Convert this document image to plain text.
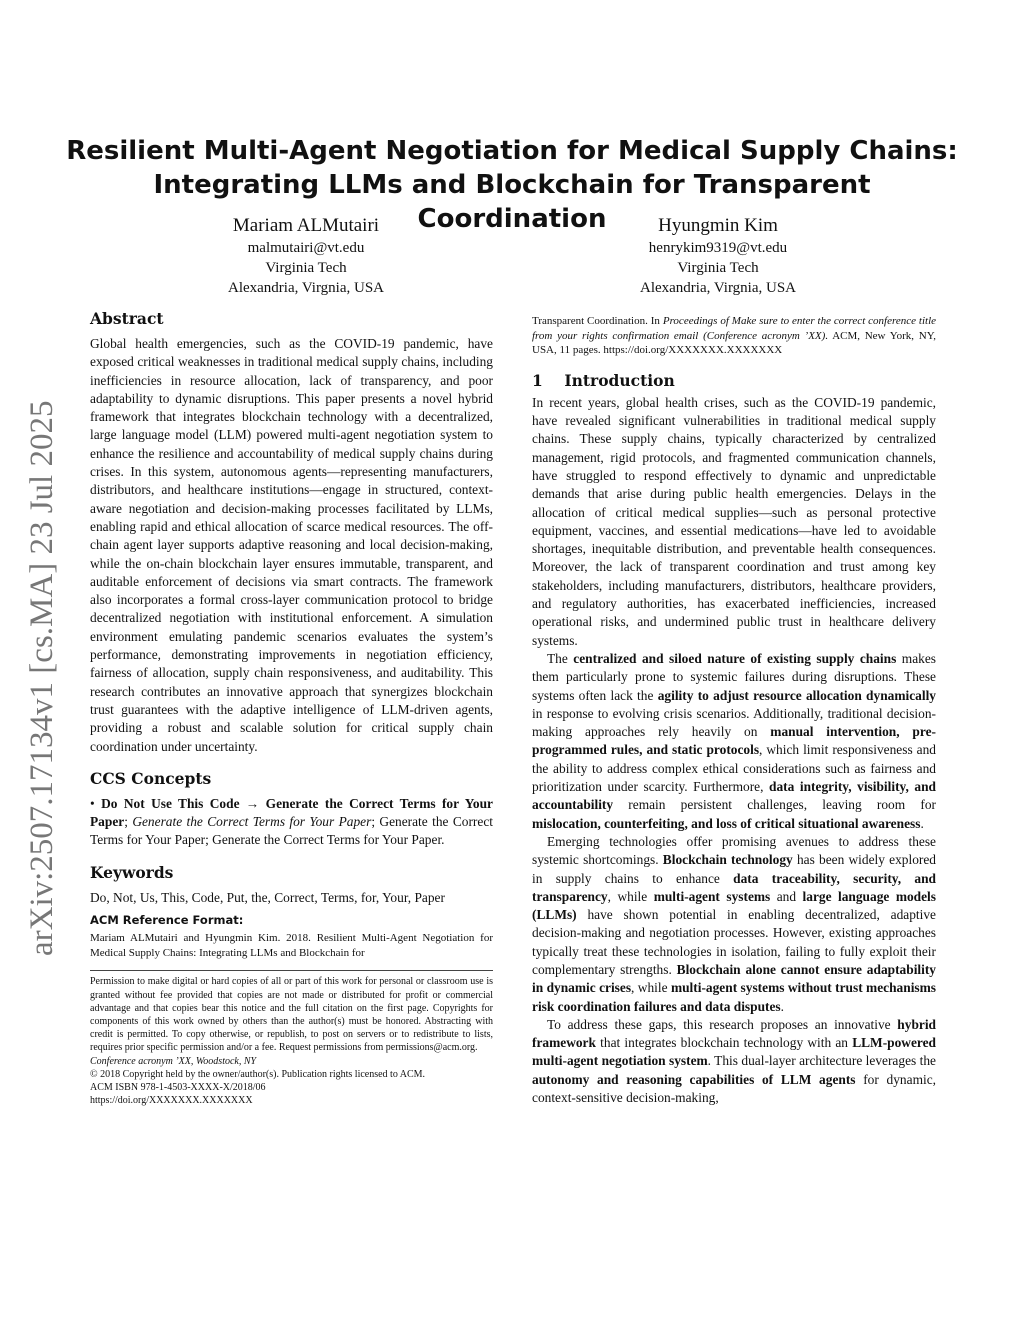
arXiv:2507.17134v1 [cs.MA] 23 Jul 2025
Resilient Multi-Agent Negotiation for Medical Supply Chains:
Integrating LLMs and Blockchain for Transparent Coordination
Mariam ALMutairi
malmutairi@vt.edu
Virginia Tech
Alexandria, Virgnia, USA
Hyungmin Kim
henrykim9319@vt.edu
Virginia Tech
Alexandria, Virgnia, USA
Abstract

Global health emergencies, such as the COVID-19 pandemic, have exposed critical weaknesses in traditional medical supply chains, including inefficiencies in resource allocation, lack of transparency, and poor adaptability to dynamic disruptions. This paper presents a novel hybrid framework that integrates blockchain technology with a decentralized, large language model (LLM) powered multi-agent negotiation system to enhance the resilience and accountability of medical supply chains during crises. In this system, autonomous agents—representing manufacturers, distributors, and healthcare institutions—engage in structured, context-aware negotiation and decision-making processes facilitated by LLMs, enabling rapid and ethical allocation of scarce medical resources. The off-chain agent layer supports adaptive reasoning and local decision-making, while the on-chain blockchain layer ensures immutable, transparent, and auditable enforcement of decisions via smart contracts. The framework also incorporates a formal cross-layer communication protocol to bridge decentralized negotiation with institutional enforcement. A simulation environment emulating pandemic scenarios evaluates the system’s performance, demonstrating improvements in negotiation efficiency, fairness of allocation, supply chain responsiveness, and auditability. This research contributes an innovative approach that synergizes blockchain trust guarantees with the adaptive intelligence of LLM-driven agents, providing a robust and scalable solution for critical supply chain coordination under uncertainty.

CCS Concepts

• Do Not Use This Code → Generate the Correct Terms for Your Paper; Generate the Correct Terms for Your Paper; Generate the Correct Terms for Your Paper; Generate the Correct Terms for Your Paper.

Keywords

Do, Not, Us, This, Code, Put, the, Correct, Terms, for, Your, Paper

ACM Reference Format:

Mariam ALMutairi and Hyungmin Kim. 2018. Resilient Multi-Agent Negotiation for Medical Supply Chains: Integrating LLMs and Blockchain for

Permission to make digital or hard copies of all or part of this work for personal or classroom use is granted without fee provided that copies are not made or distributed for profit or commercial advantage and that copies bear this notice and the full citation on the first page. Copyrights for components of this work owned by others than the author(s) must be honored. Abstracting with credit is permitted. To copy otherwise, or republish, to post on servers or to redistribute to lists, requires prior specific permission and/or a fee. Request permissions from permissions@acm.org.

Conference acronym ’XX, Woodstock, NY

© 2018 Copyright held by the owner/author(s). Publication rights licensed to ACM.

ACM ISBN 978-1-4503-XXXX-X/2018/06

https://doi.org/XXXXXXX.XXXXXXX

Transparent Coordination. In Proceedings of Make sure to enter the correct conference title from your rights confirmation email (Conference acronym ’XX). ACM, New York, NY, USA, 11 pages. https://doi.org/XXXXXXX.XXXXXXX

1    Introduction

In recent years, global health crises, such as the COVID-19 pandemic, have revealed significant vulnerabilities in traditional medical supply chains. These supply chains, typically characterized by centralized management, rigid protocols, and fragmented communication channels, have struggled to respond effectively to dynamic and unpredictable demands that arise during public health emergencies. Delays in the allocation of critical medical supplies—such as personal protective equipment, vaccines, and essential medications—have led to avoidable shortages, inequitable distribution, and preventable health consequences. Moreover, the lack of transparent coordination and trust among key stakeholders, including manufacturers, distributors, healthcare providers, and regulatory authorities, has exacerbated inefficiencies, increased operational risks, and undermined public trust in healthcare delivery systems.

The centralized and siloed nature of existing supply chains makes them particularly prone to systemic failures during disruptions. These systems often lack the agility to adjust resource allocation dynamically in response to evolving crisis scenarios. Additionally, traditional decision-making approaches rely heavily on manual intervention, pre-programmed rules, and static protocols, which limit responsiveness and the ability to address complex ethical considerations such as fairness and prioritization under scarcity. Furthermore, data integrity, visibility, and accountability remain persistent challenges, leaving room for mislocation, counterfeiting, and loss of critical situational awareness.

Emerging technologies offer promising avenues to address these systemic shortcomings. Blockchain technology has been widely explored in supply chains to enhance data traceability, security, and transparency, while multi-agent systems and large language models (LLMs) have shown potential in enabling decentralized, adaptive decision-making and negotiation processes. However, existing approaches typically treat these technologies in isolation, failing to fully exploit their complementary strengths. Blockchain alone cannot ensure adaptability in dynamic crises, while multi-agent systems without trust mechanisms risk coordination failures and data disputes.

To address these gaps, this research proposes an innovative hybrid framework that integrates blockchain technology with an LLM-powered multi-agent negotiation system. This dual-layer architecture leverages the autonomy and reasoning capabilities of LLM agents for dynamic, context-sensitive decision-making,
